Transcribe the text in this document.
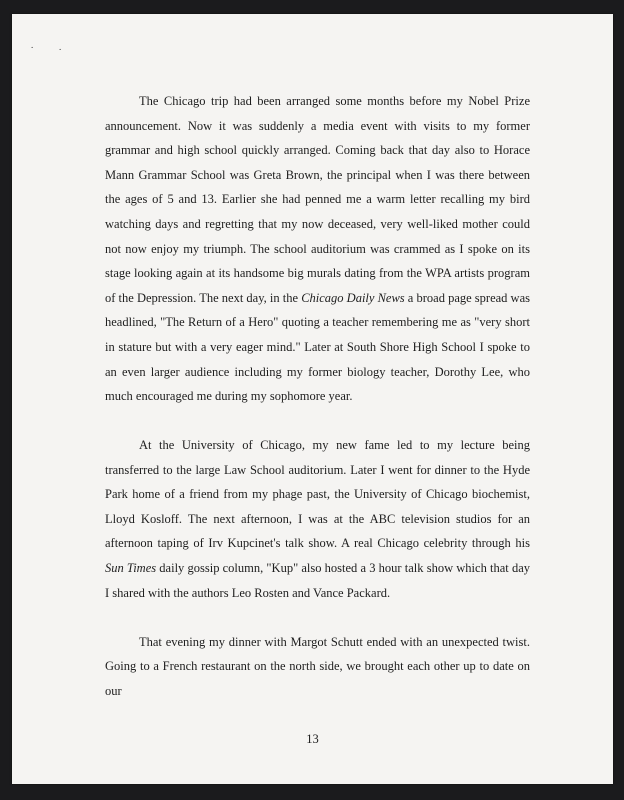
.	.

The Chicago trip had been arranged some months before my Nobel Prize announcement. Now it was suddenly a media event with visits to my former grammar and high school quickly arranged. Coming back that day also to Horace Mann Grammar School was Greta Brown, the principal when I was there between the ages of 5 and 13. Earlier she had penned me a warm letter recalling my bird watching days and regretting that my now deceased, very well-liked mother could not now enjoy my triumph. The school auditorium was crammed as I spoke on its stage looking again at its handsome big murals dating from the WPA artists program of the Depression. The next day, in the Chicago Daily News a broad page spread was headlined, "The Return of a Hero" quoting a teacher remembering me as "very short in stature but with a very eager mind." Later at South Shore High School I spoke to an even larger audience including my former biology teacher, Dorothy Lee, who much encouraged me during my sophomore year.

At the University of Chicago, my new fame led to my lecture being transferred to the large Law School auditorium. Later I went for dinner to the Hyde Park home of a friend from my phage past, the University of Chicago biochemist, Lloyd Kosloff. The next afternoon, I was at the ABC television studios for an afternoon taping of Irv Kupcinet's talk show. A real Chicago celebrity through his Sun Times daily gossip column, "Kup" also hosted a 3 hour talk show which that day I shared with the authors Leo Rosten and Vance Packard.

That evening my dinner with Margot Schutt ended with an unexpected twist. Going to a French restaurant on the north side, we brought each other up to date on our

13
